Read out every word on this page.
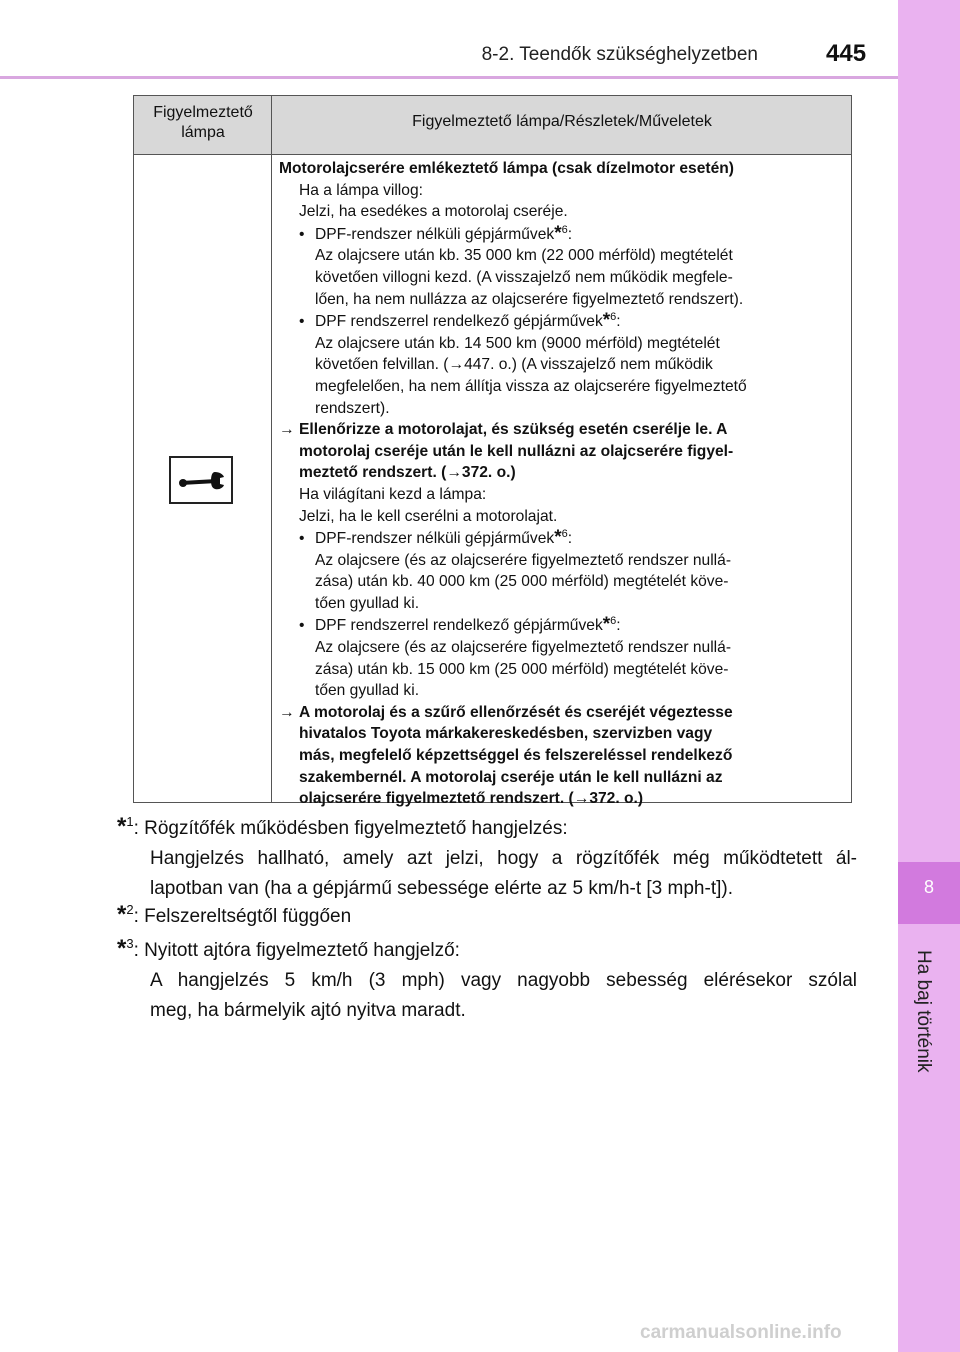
8-2. Teendők szükséghelyzetben	445
8
Ha baj történik
Figyelmeztető
lámpa
Figyelmeztető lámpa/Részletek/Műveletek
Motorolajcserére emlékeztető lámpa (csak dízelmotor esetén)
Ha a lámpa villog:
Jelzi, ha esedékes a motorolaj cseréje.
• DPF-rendszer nélküli gépjárművek*$^6$:
Az olajcsere után kb. 35 000 km (22 000 mérföld) megtételét
követően villogni kezd. (A visszajelző nem működik megfele-
lően, ha nem nullázza az olajcserére figyelmeztető rendszert).
• DPF rendszerrel rendelkező gépjárművek*$^6$:
Az olajcsere után kb. 14 500 km (9000 mérföld) megtételét
követően felvillan. (→447. o.) (A visszajelző nem működik
megfelelően, ha nem állítja vissza az olajcserére figyelmeztető
rendszert).
→ Ellenőrizze a motorolajat, és szükség esetén cserélje le. A
motorolaj cseréje után le kell nullázni az olajcserére figyel-
meztető rendszert. (→372. o.)
Ha világítani kezd a lámpa:
Jelzi, ha le kell cserélni a motorolajat.
• DPF-rendszer nélküli gépjárművek*$^6$:
Az olajcsere (és az olajcserére figyelmeztető rendszer nullá-
zása) után kb. 40 000 km (25 000 mérföld) megtételét köve-
tően gyullad ki.
• DPF rendszerrel rendelkező gépjárművek*$^6$:
Az olajcsere (és az olajcserére figyelmeztető rendszer nullá-
zása) után kb. 15 000 km (25 000 mérföld) megtételét köve-
tően gyullad ki.
→ A motorolaj és a szűrő ellenőrzését és cseréjét végeztesse
hivatalos Toyota márkakereskedésben, szervizben vagy
más, megfelelő képzettséggel és felszereléssel rendelkező
szakembernél. A motorolaj cseréje után le kell nullázni az
olajcserére figyelmeztető rendszert. (→372. o.)
*$^1$: Rögzítőfék működésben figyelmeztető hangjelzés:
Hangjelzés hallható, amely azt jelzi, hogy a rögzítőfék még működtetett ál-
lapotban van (ha a gépjármű sebessége elérte az 5 km/h-t [3 mph-t]).
*$^2$: Felszereltségtől függően
*$^3$: Nyitott ajtóra figyelmeztető hangjelző:
A hangjelzés 5 km/h (3 mph) vagy nagyobb sebesség elérésekor szólal
meg, ha bármelyik ajtó nyitva maradt.
carmanualsonline.info
